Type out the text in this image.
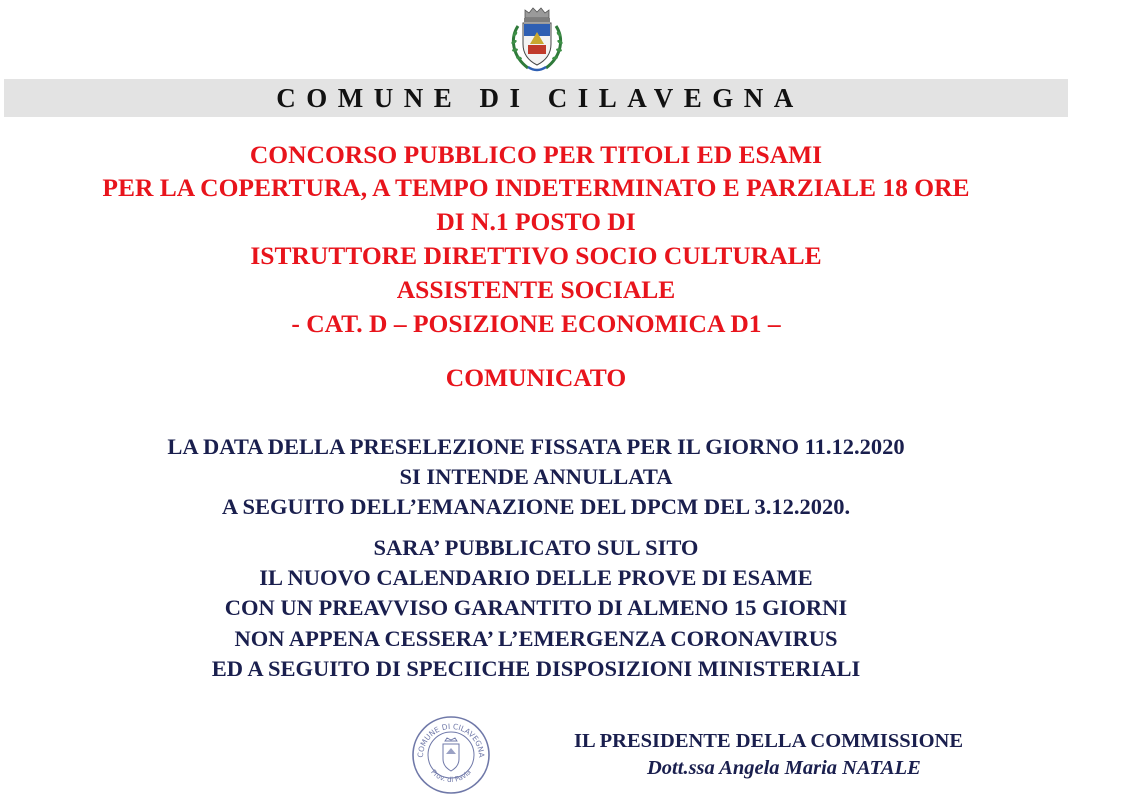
COMUNE DI CILAVEGNA
CONCORSO PUBBLICO PER TITOLI ED ESAMI
PER LA COPERTURA, A TEMPO INDETERMINATO E PARZIALE 18 ORE
DI N.1 POSTO DI
ISTRUTTORE DIRETTIVO SOCIO CULTURALE
ASSISTENTE SOCIALE
- CAT. D – POSIZIONE ECONOMICA D1 –
COMUNICATO
LA DATA DELLA PRESELEZIONE FISSATA PER IL GIORNO 11.12.2020
SI INTENDE ANNULLATA
A SEGUITO DELL’EMANAZIONE DEL DPCM DEL 3.12.2020.
SARA’ PUBBLICATO SUL SITO
IL NUOVO CALENDARIO DELLE PROVE DI ESAME
CON UN PREAVVISO GARANTITO DI ALMENO 15 GIORNI
NON APPENA CESSERA’ L’EMERGENZA CORONAVIRUS
ED A SEGUITO DI SPECIICHE DISPOSIZIONI MINISTERIALI
COMUNE DI CILAVEGNA
Prov. di Pavia
IL PRESIDENTE DELLA COMMISSIONE
Dott.ssa Angela Maria NATALE
